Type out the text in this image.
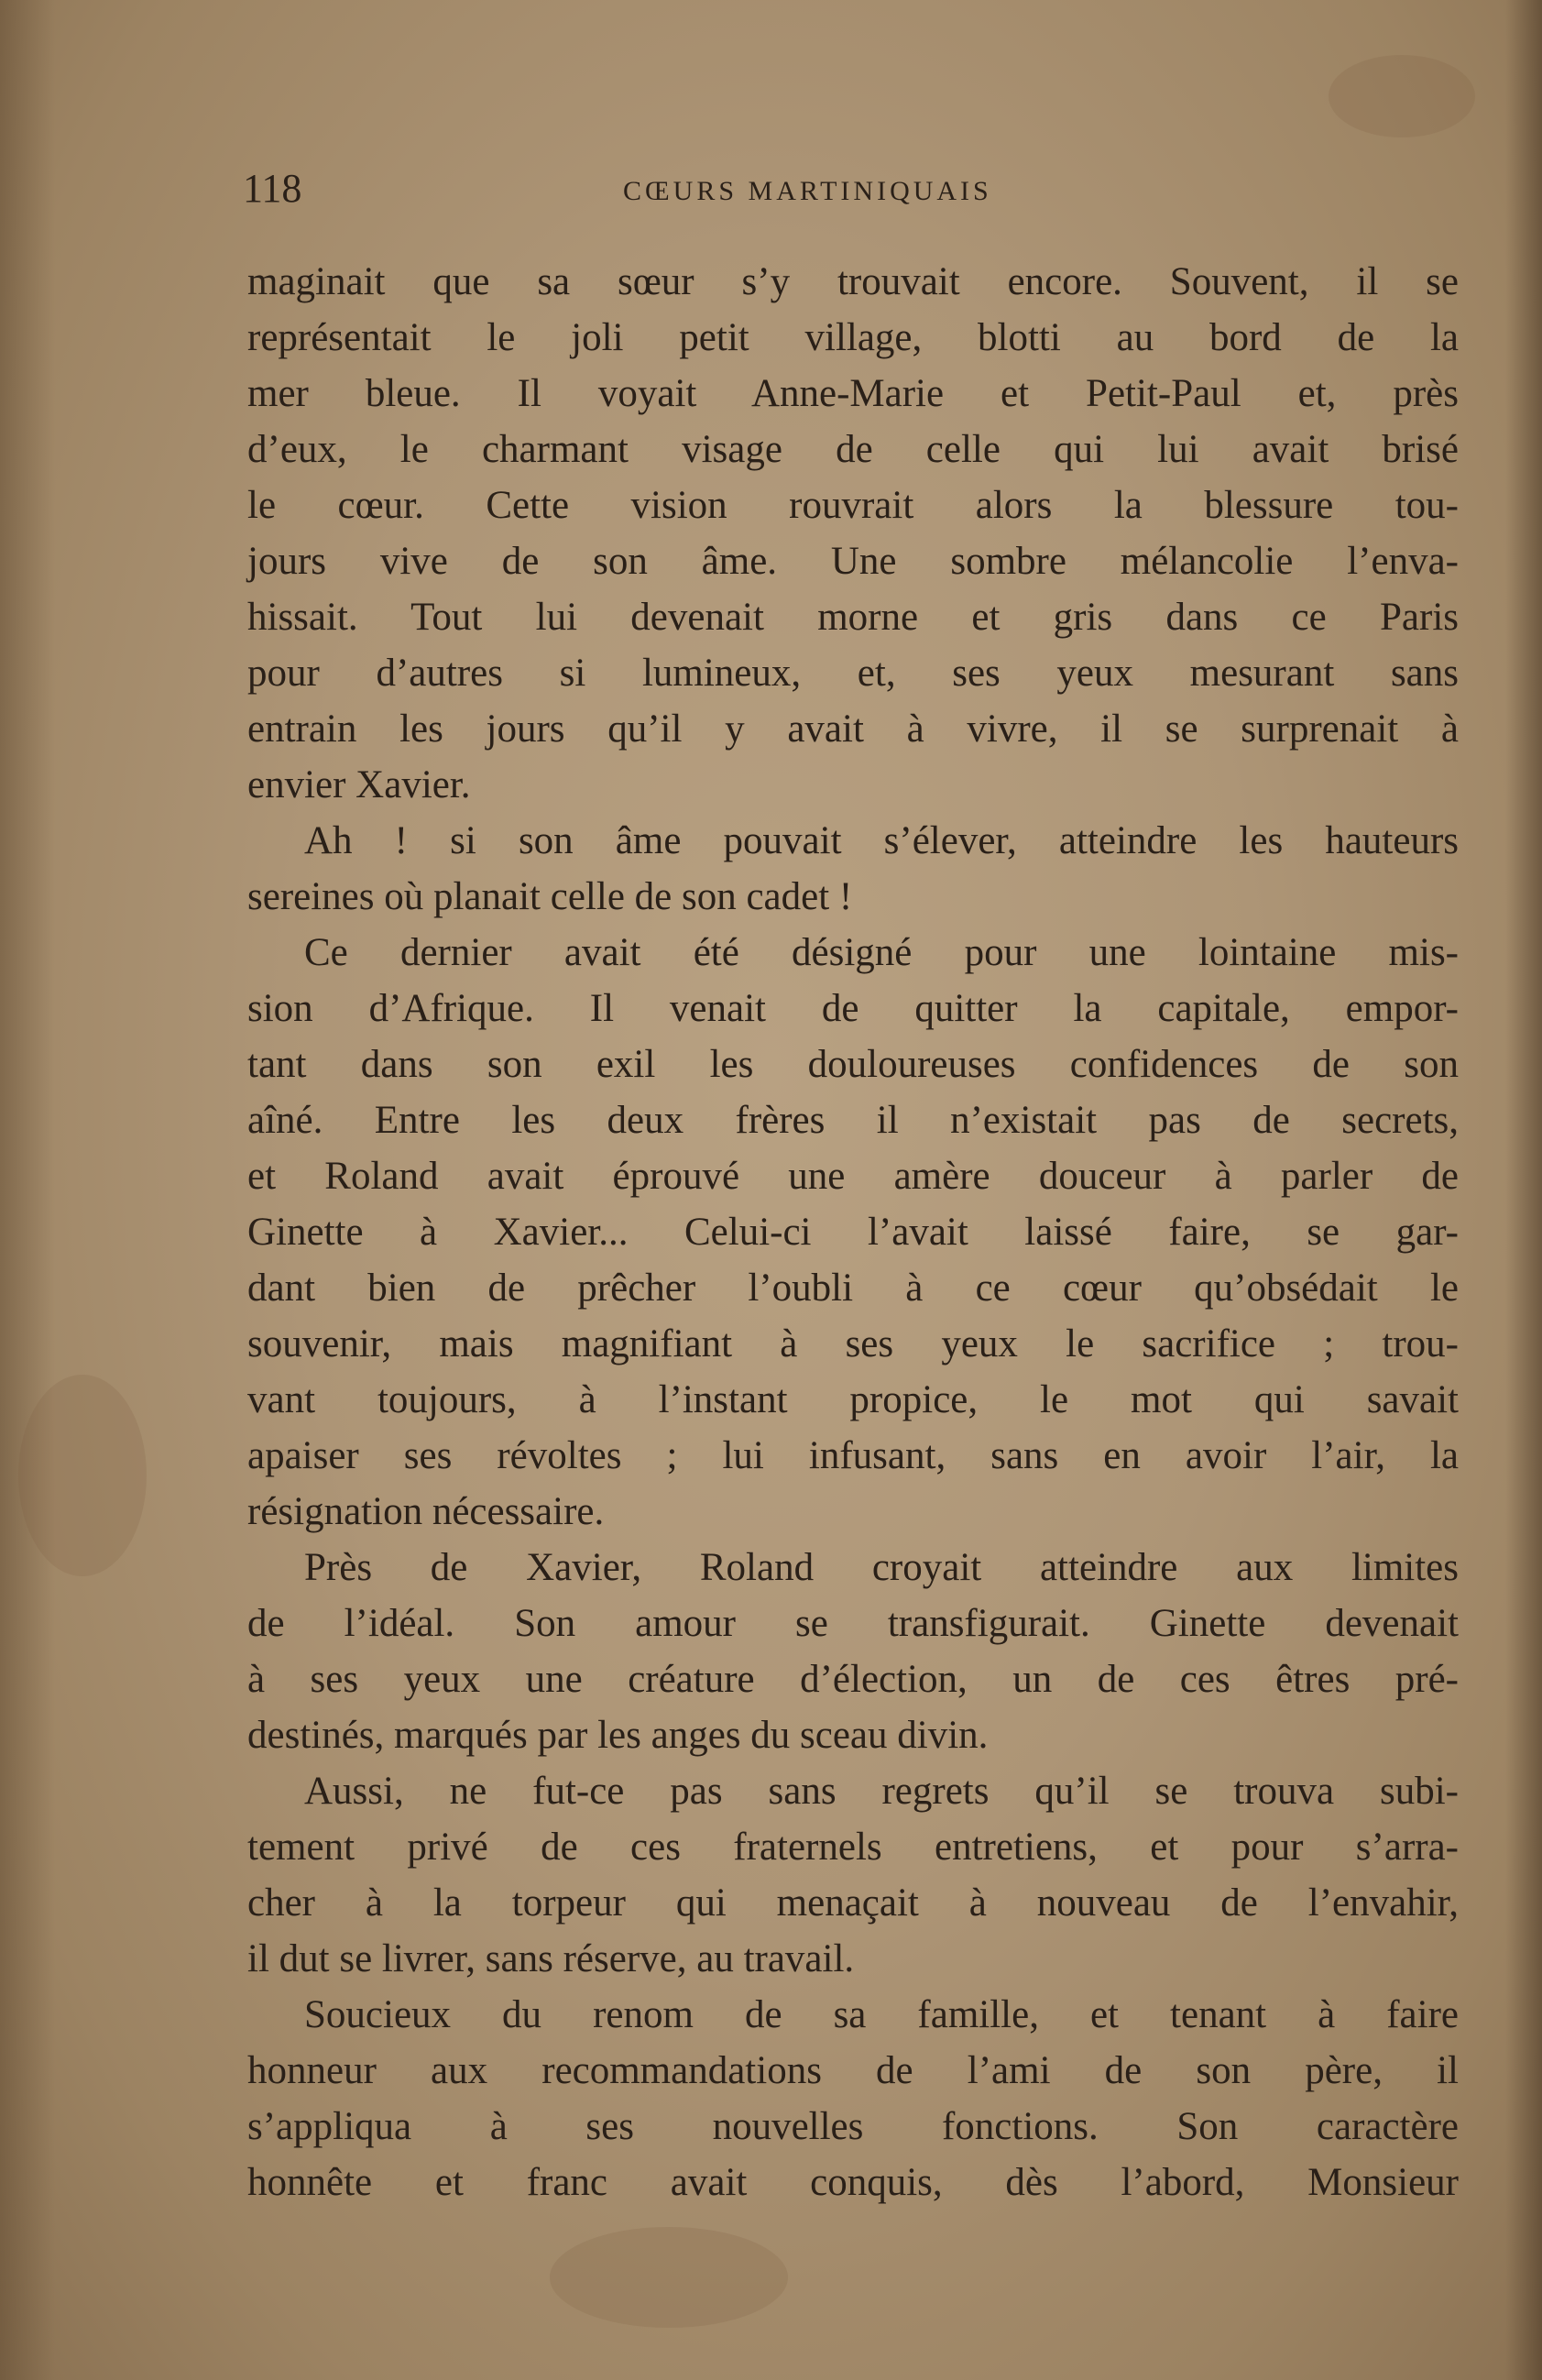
118	CŒURS MARTINIQUAIS
maginait que sa sœur s’y trouvait encore. Souvent, il se
représentait le joli petit village, blotti au bord de la
mer bleue. Il voyait Anne-Marie et Petit-Paul et, près
d’eux, le charmant visage de celle qui lui avait brisé
le cœur. Cette vision rouvrait alors la blessure tou-
jours vive de son âme. Une sombre mélancolie l’enva-
hissait. Tout lui devenait morne et gris dans ce Paris
pour d’autres si lumineux, et, ses yeux mesurant sans
entrain les jours qu’il y avait à vivre, il se surprenait à
envier Xavier.
Ah ! si son âme pouvait s’élever, atteindre les hauteurs
sereines où planait celle de son cadet !
Ce dernier avait été désigné pour une lointaine mis-
sion d’Afrique. Il venait de quitter la capitale, empor-
tant dans son exil les douloureuses confidences de son
aîné. Entre les deux frères il n’existait pas de secrets,
et Roland avait éprouvé une amère douceur à parler de
Ginette à Xavier... Celui-ci l’avait laissé faire, se gar-
dant bien de prêcher l’oubli à ce cœur qu’obsédait le
souvenir, mais magnifiant à ses yeux le sacrifice ; trou-
vant toujours, à l’instant propice, le mot qui savait
apaiser ses révoltes ; lui infusant, sans en avoir l’air, la
résignation nécessaire.
Près de Xavier, Roland croyait atteindre aux limites
de l’idéal. Son amour se transfigurait. Ginette devenait
à ses yeux une créature d’élection, un de ces êtres pré-
destinés, marqués par les anges du sceau divin.
Aussi, ne fut-ce pas sans regrets qu’il se trouva subi-
tement privé de ces fraternels entretiens, et pour s’arra-
cher à la torpeur qui menaçait à nouveau de l’envahir,
il dut se livrer, sans réserve, au travail.
Soucieux du renom de sa famille, et tenant à faire
honneur aux recommandations de l’ami de son père, il
s’appliqua à ses nouvelles fonctions. Son caractère
honnête et franc avait conquis, dès l’abord, Monsieur
